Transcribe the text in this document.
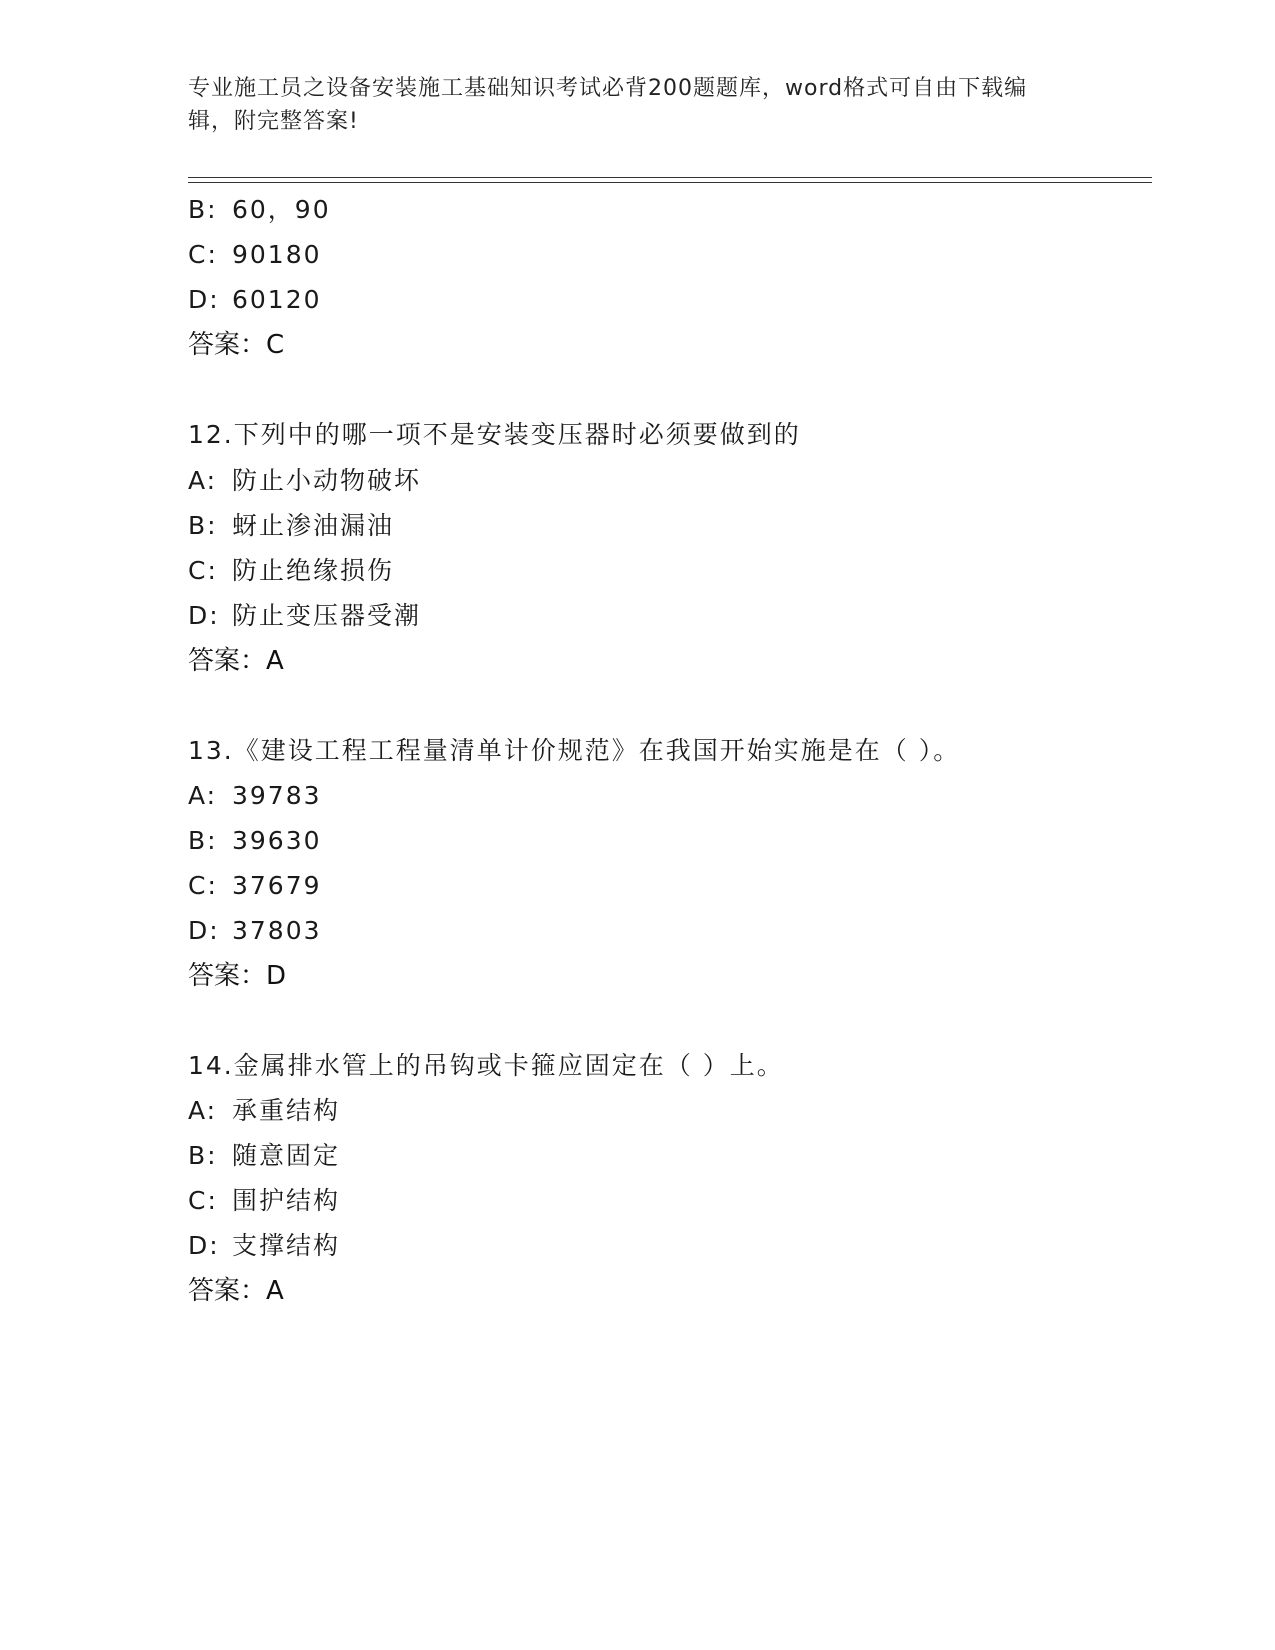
专业施工员之设备安装施工基础知识考试必背200题题库，word格式可自由下载编辑，附完整答案!
B: 60，90
C: 90180
D: 60120
答案：C
12.下列中的哪一项不是安装变压器时必须要做到的
A: 防止小动物破坏
B: 蚜止渗油漏油
C: 防止绝缘损伤
D: 防止变压器受潮
答案：A
13.《建设工程工程量清单计价规范》在我国开始实施是在（ ）。
A: 39783
B: 39630
C: 37679
D: 37803
答案：D
14.金属排水管上的吊钩或卡箍应固定在（ ）上。
A: 承重结构
B: 随意固定
C: 围护结构
D: 支撑结构
答案：A
